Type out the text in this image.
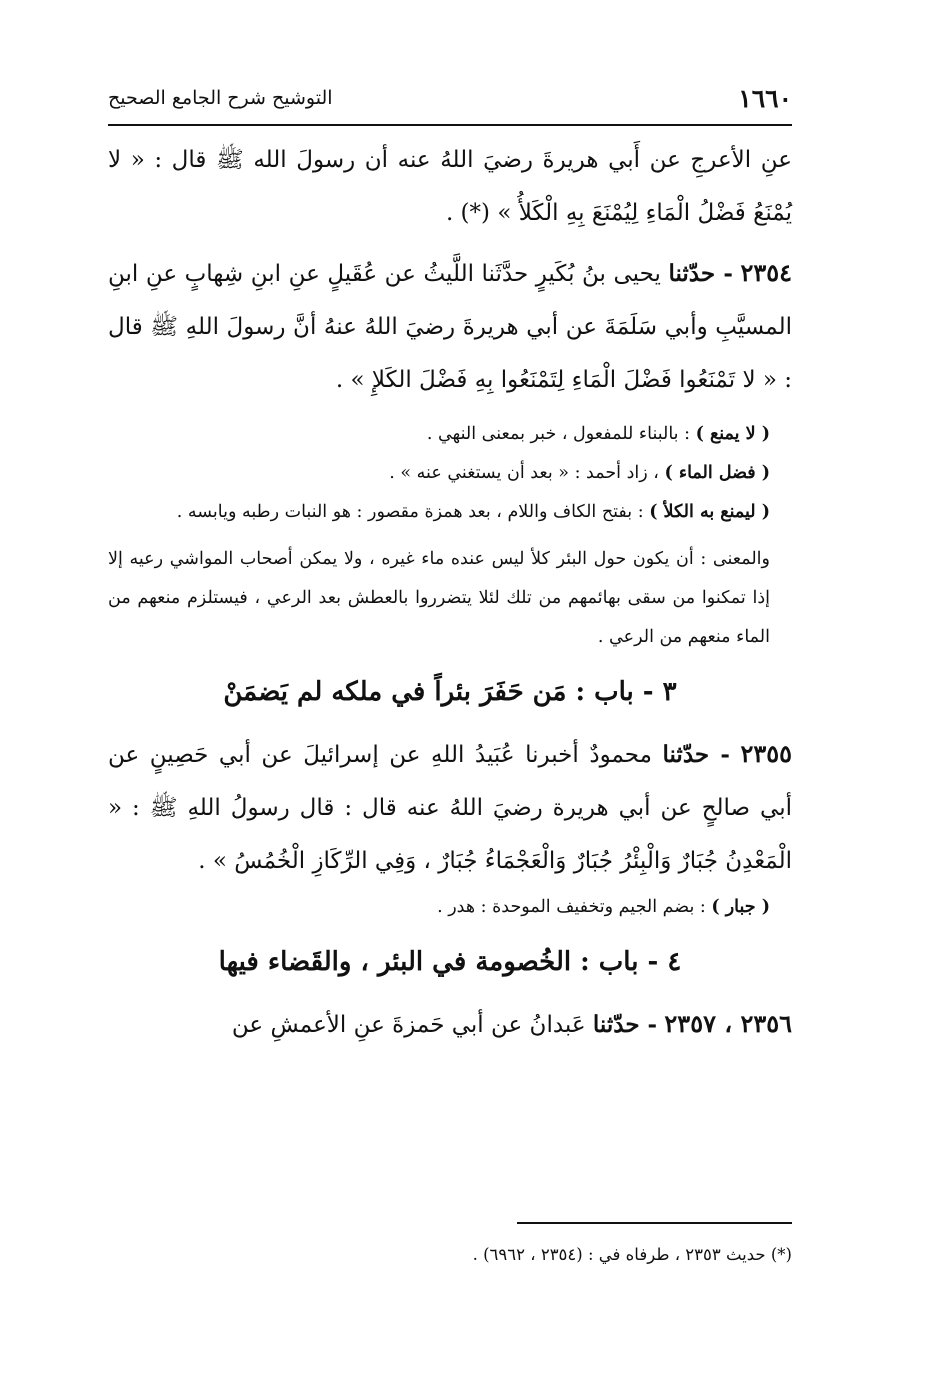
١٦٦٠
التوشيح شرح الجامع الصحيح

عنِ الأعرجِ عن أَبي هريرةَ رضيَ اللهُ عنه أن رسولَ الله ﷺ قال : « لا يُمْنَعُ فَضْلُ الْمَاءِ لِيُمْنَعَ بِهِ الْكَلأُ » (*) .

٢٣٥٤ - حدّثنا يحيى بنُ بُكَيرٍ حدَّثَنا اللَّيثُ عن عُقَيلٍ عنِ ابنِ شِهابٍ عنِ ابنِ المسيَّبِ وأبي سَلَمَةَ عن أبي هريرةَ رضيَ اللهُ عنهُ أنَّ رسولَ اللهِ ﷺ قال : « لا تَمْنَعُوا فَضْلَ الْمَاءِ لِتَمْنَعُوا بِهِ فَضْلَ الكَلإِ » .

( لا يمنع ) : بالبناء للمفعول ، خبر بمعنى النهي .

( فضل الماء ) ، زاد أحمد : « بعد أن يستغني عنه » .

( ليمنع به الكلأ ) : بفتح الكاف واللام ، بعد همزة مقصور : هو النبات رطبه ويابسه .

والمعنى : أن يكون حول البئر كلأ ليس عنده ماء غيره ، ولا يمكن أصحاب المواشي رعيه إلا إذا تمكنوا من سقى بهائمهم من تلك لئلا يتضرروا بالعطش بعد الرعي ، فيستلزم منعهم من الماء منعهم من الرعي .

٣ - باب : مَن حَفَرَ بئراً في ملكه لم يَضمَنْ

٢٣٥٥ - حدّثنا محمودٌ أخبرنا عُبَيدُ اللهِ عن إسرائيلَ عن أبي حَصِينٍ عن أبي صالحٍ عن أبي هريرة رضيَ اللهُ عنه قال : قال رسولُ اللهِ ﷺ : « الْمَعْدِنُ جُبَارٌ وَالْبِئْرُ جُبَارٌ وَالْعَجْمَاءُ جُبَارٌ ، وَفِي الرِّكَازِ الْخُمُسُ » .

( جبار ) : بضم الجيم وتخفيف الموحدة : هدر .

٤ - باب : الخُصومة في البئر ، والقَضاء فيها

٢٣٥٦ ، ٢٣٥٧ - حدّثنا عَبدانُ عن أبي حَمزةَ عنِ الأعمشِ عن

(*) حديث ٢٣٥٣ ، طرفاه في : (٢٣٥٤ ، ٦٩٦٢) .
